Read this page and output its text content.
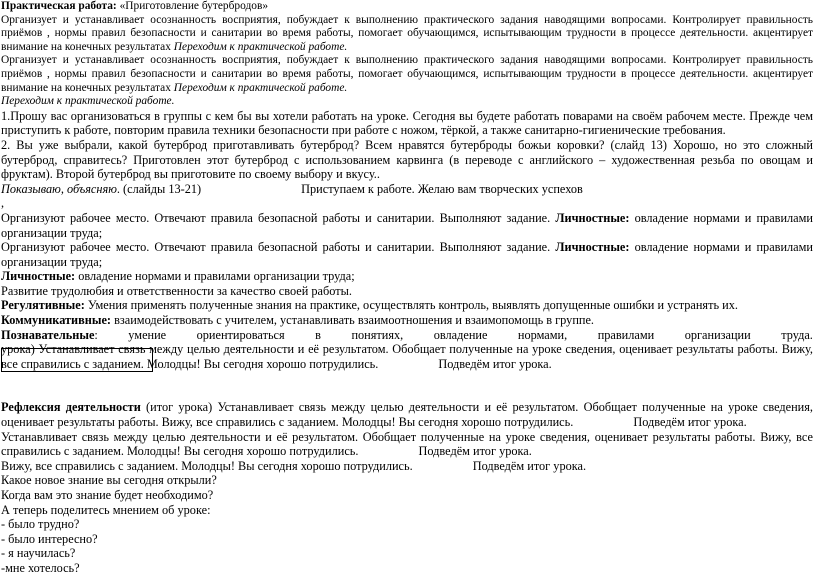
Практическая работа: «Приготовление бутербродов»

Организует и устанавливает осознанность восприятия, побуждает к выполнению практического задания наводящими вопросами. Контролирует правильность приёмов , нормы правил безопасности и санитарии во время работы, помогает обучающимся, испытывающим трудности в процессе деятельности. акцентирует внимание на конечных результатах Переходим к практической работе.

Организует и устанавливает осознанность восприятия, побуждает к выполнению практического задания наводящими вопросами. Контролирует правильность приёмов , нормы правил безопасности и санитарии во время работы, помогает обучающимся, испытывающим трудности в процессе деятельности. акцентирует внимание на конечных результатах Переходим к практической работе.

Переходим к практической работе.

1.Прошу вас организоваться в группы с кем бы вы хотели работать на уроке. Сегодня вы будете работать поварами на своём рабочем месте. Прежде чем приступить к работе, повторим правила техники безопасности при работе с ножом, тёркой, а также санитарно-гигиенические требования.

2. Вы уже выбрали, какой бутерброд приготавливать бутерброд? Всем нравятся бутерброды божьи коровки? (слайд 13) Хорошо, но это сложный бутерброд, справитесь? Приготовлен этот бутерброд с использованием карвинга (в переводе с английского – художественная резьба по овощам и фруктам). Второй бутерброд вы приготовите по своему выбору и вкусу..

Показываю, объясняю. (слайды 13-21)	Приступаем к работе. Желаю вам творческих успехов

,

Организуют рабочее место. Отвечают правила безопасной работы и санитарии. Выполняют задание. Личностные: овладение нормами и правилами организации труда;

Организуют рабочее место. Отвечают правила безопасной работы и санитарии. Выполняют задание. Личностные: овладение нормами и правилами организации труда;

Личностные: овладение нормами и правилами организации труда;

Развитие трудолюбия и ответственности за качество своей работы.

Регулятивные: Умения применять полученные знания на практике, осуществлять контроль, выявлять допущенные ошибки и устранять их.

Коммуникативные: взаимодействовать с учителем, устанавливать взаимоотношения и взаимопомощь в группе.

Познавательные: умение ориентироваться в понятиях, овладение нормами, правилами организации труда.

урока) Устанавливает связь между целью деятельности и её результатом. Обобщает полученные на уроке сведения, оценивает результаты работы. Вижу, все справились с заданием. Молодцы! Вы сегодня хорошо потрудились.	Подведём итог урока.

Рефлексия деятельности (итог урока) Устанавливает связь между целью деятельности и её результатом. Обобщает полученные на уроке сведения, оценивает результаты работы. Вижу, все справились с заданием. Молодцы! Вы сегодня хорошо потрудились.	Подведём итог урока.

Устанавливает связь между целью деятельности и её результатом. Обобщает полученные на уроке сведения, оценивает результаты работы. Вижу, все справились с заданием. Молодцы! Вы сегодня хорошо потрудились.	Подведём итог урока.

Вижу, все справились с заданием. Молодцы! Вы сегодня хорошо потрудились.	Подведём итог урока.

Какое новое знание вы сегодня открыли?

Когда вам это знание будет необходимо?

А теперь поделитесь мнением об уроке:

- было трудно?

- было интересно?

- я научилась?

-мне хотелось?
